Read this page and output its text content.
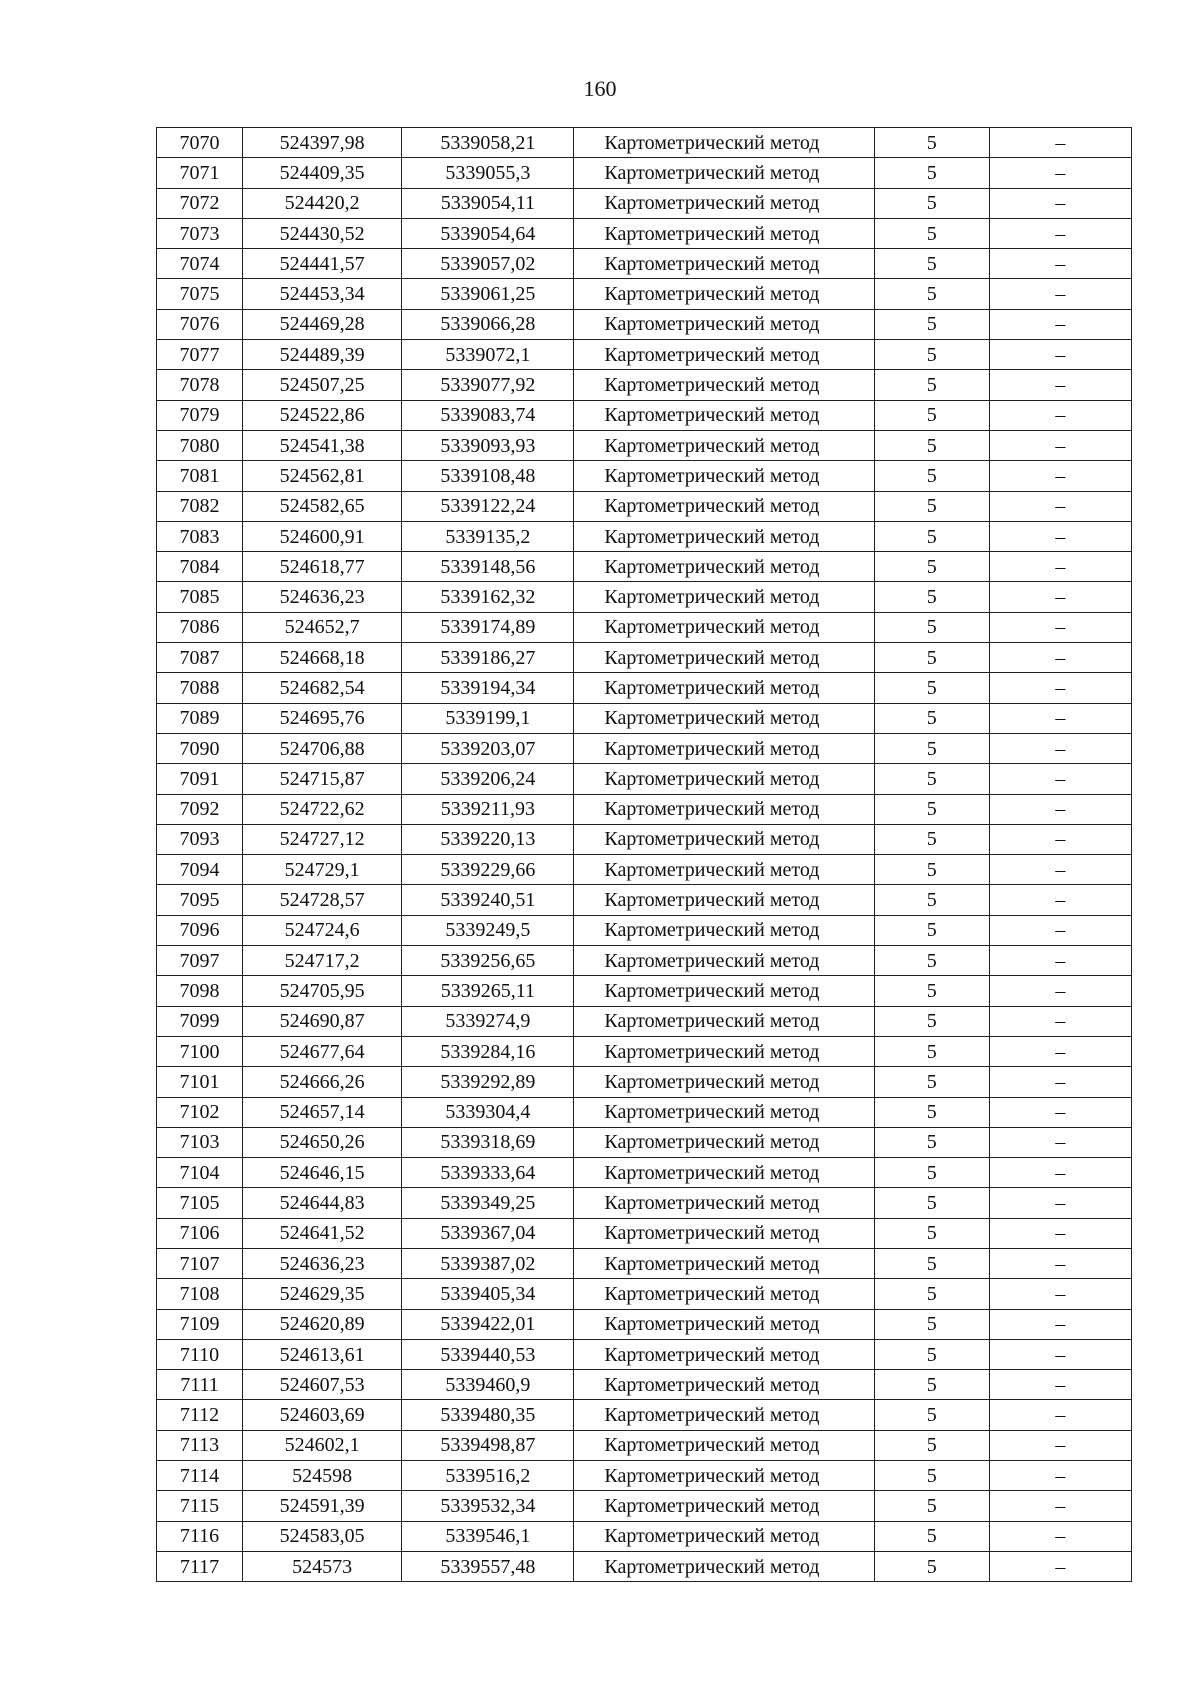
160
7070	524397,98	5339058,21	Картометрический метод	5	–
7071	524409,35	5339055,3	Картометрический метод	5	–
7072	524420,2	5339054,11	Картометрический метод	5	–
7073	524430,52	5339054,64	Картометрический метод	5	–
7074	524441,57	5339057,02	Картометрический метод	5	–
7075	524453,34	5339061,25	Картометрический метод	5	–
7076	524469,28	5339066,28	Картометрический метод	5	–
7077	524489,39	5339072,1	Картометрический метод	5	–
7078	524507,25	5339077,92	Картометрический метод	5	–
7079	524522,86	5339083,74	Картометрический метод	5	–
7080	524541,38	5339093,93	Картометрический метод	5	–
7081	524562,81	5339108,48	Картометрический метод	5	–
7082	524582,65	5339122,24	Картометрический метод	5	–
7083	524600,91	5339135,2	Картометрический метод	5	–
7084	524618,77	5339148,56	Картометрический метод	5	–
7085	524636,23	5339162,32	Картометрический метод	5	–
7086	524652,7	5339174,89	Картометрический метод	5	–
7087	524668,18	5339186,27	Картометрический метод	5	–
7088	524682,54	5339194,34	Картометрический метод	5	–
7089	524695,76	5339199,1	Картометрический метод	5	–
7090	524706,88	5339203,07	Картометрический метод	5	–
7091	524715,87	5339206,24	Картометрический метод	5	–
7092	524722,62	5339211,93	Картометрический метод	5	–
7093	524727,12	5339220,13	Картометрический метод	5	–
7094	524729,1	5339229,66	Картометрический метод	5	–
7095	524728,57	5339240,51	Картометрический метод	5	–
7096	524724,6	5339249,5	Картометрический метод	5	–
7097	524717,2	5339256,65	Картометрический метод	5	–
7098	524705,95	5339265,11	Картометрический метод	5	–
7099	524690,87	5339274,9	Картометрический метод	5	–
7100	524677,64	5339284,16	Картометрический метод	5	–
7101	524666,26	5339292,89	Картометрический метод	5	–
7102	524657,14	5339304,4	Картометрический метод	5	–
7103	524650,26	5339318,69	Картометрический метод	5	–
7104	524646,15	5339333,64	Картометрический метод	5	–
7105	524644,83	5339349,25	Картометрический метод	5	–
7106	524641,52	5339367,04	Картометрический метод	5	–
7107	524636,23	5339387,02	Картометрический метод	5	–
7108	524629,35	5339405,34	Картометрический метод	5	–
7109	524620,89	5339422,01	Картометрический метод	5	–
7110	524613,61	5339440,53	Картометрический метод	5	–
7111	524607,53	5339460,9	Картометрический метод	5	–
7112	524603,69	5339480,35	Картометрический метод	5	–
7113	524602,1	5339498,87	Картометрический метод	5	–
7114	524598	5339516,2	Картометрический метод	5	–
7115	524591,39	5339532,34	Картометрический метод	5	–
7116	524583,05	5339546,1	Картометрический метод	5	–
7117	524573	5339557,48	Картометрический метод	5	–
